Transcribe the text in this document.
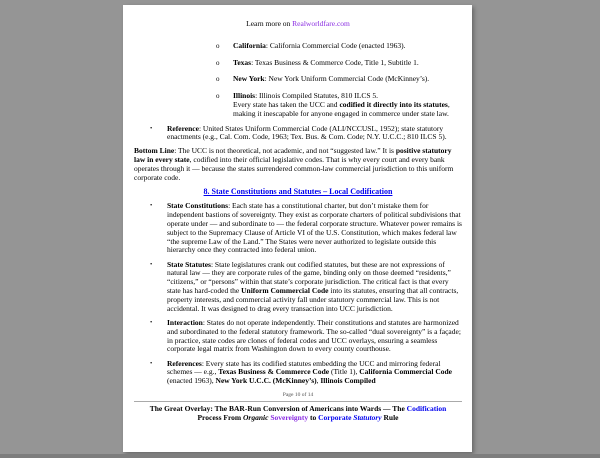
Learn more on Realworldfare.com
o California: California Commercial Code (enacted 1963).
o Texas: Texas Business & Commerce Code, Title 1, Subtitle 1.
o New York: New York Uniform Commercial Code (McKinney’s).
o Illinois: Illinois Compiled Statutes, 810 ILCS 5.
Every state has taken the UCC and codified it directly into its statutes, making it inescapable for anyone engaged in commerce under state law.
• Reference: United States Uniform Commercial Code (ALI/NCCUSL, 1952); state statutory enactments (e.g., Cal. Com. Code, 1963; Tex. Bus. & Com. Code; N.Y. U.C.C.; 810 ILCS 5).
Bottom Line: The UCC is not theoretical, not academic, and not “suggested law.” It is positive statutory law in every state, codified into their official legislative codes. That is why every court and every bank operates through it — because the states surrendered common-law commercial jurisdiction to this uniform corporate code.
8. State Constitutions and Statutes – Local Codification
• State Constitutions: Each state has a constitutional charter, but don’t mistake them for independent bastions of sovereignty. They exist as corporate charters of political subdivisions that operate under — and subordinate to — the federal corporate structure. Whatever power remains is subject to the Supremacy Clause of Article VI of the U.S. Constitution, which makes federal law “the supreme Law of the Land.” The States were never authorized to legislate outside this hierarchy once they contracted into federal union.
• State Statutes: State legislatures crank out codified statutes, but these are not expressions of natural law — they are corporate rules of the game, binding only on those deemed “residents,” “citizens,” or “persons” within that state’s corporate jurisdiction. The critical fact is that every state has hard-coded the Uniform Commercial Code into its statutes, ensuring that all contracts, property interests, and commercial activity fall under statutory commercial law. This is not accidental. It was designed to drag every transaction into UCC jurisdiction.
• Interaction: States do not operate independently. Their constitutions and statutes are harmonized and subordinated to the federal statutory framework. The so-called “dual sovereignty” is a façade; in practice, state codes are clones of federal codes and UCC overlays, ensuring a seamless corporate legal matrix from Washington down to every county courthouse.
• References: Every state has its codified statutes embedding the UCC and mirroring federal schemes — e.g., Texas Business & Commerce Code (Title 1), California Commercial Code (enacted 1963), New York U.C.C. (McKinney’s), Illinois Compiled
Page 10 of 14
The Great Overlay: The BAR-Run Conversion of Americans into Wards — The Codification
Process From Organic Sovereignty to Corporate Statutory Rule
